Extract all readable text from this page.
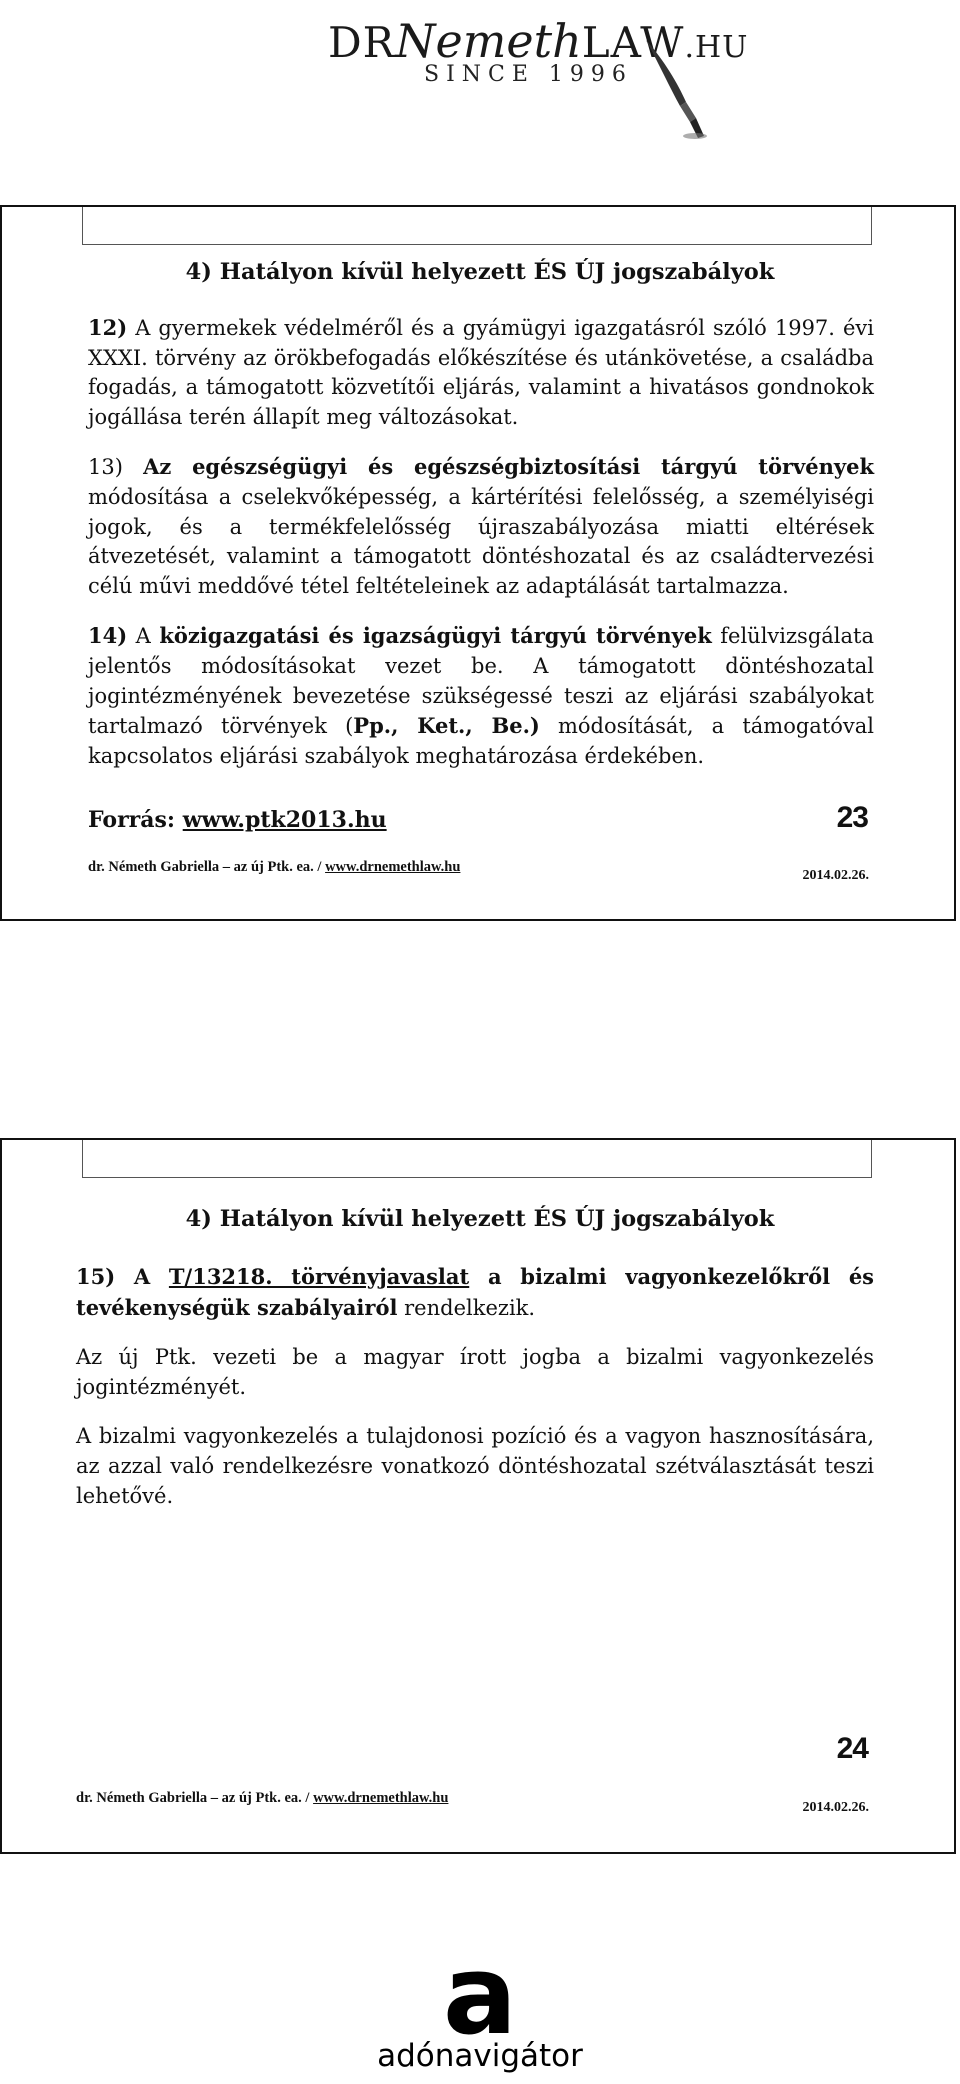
DRNemethLAW.HU
SINCE 1996
4) Hatályon kívül helyezett ÉS ÚJ jogszabályok

12) A gyermekek védelméről és a gyámügyi igazgatásról szóló 1997. évi XXXI. törvény az örökbefogadás előkészítése és utánkövetése, a családba fogadás, a támogatott közvetítői eljárás, valamint a hivatásos gondnokok jogállása terén állapít meg változásokat.

13) Az egészségügyi és egészségbiztosítási tárgyú törvények módosítása a cselekvőképesség, a kártérítési felelősség, a személyiségi jogok, és a termékfelelősség újraszabályozása miatti eltérések átvezetését, valamint a támogatott döntéshozatal és az családtervezési célú művi meddővé tétel feltételeinek az adaptálását tartalmazza.

14) A közigazgatási és igazságügyi tárgyú törvények felülvizsgálata jelentős módosításokat vezet be. A támogatott döntéshozatal jogintézményének bevezetése szükségessé teszi az eljárási szabályokat tartalmazó törvények (Pp., Ket., Be.) módosítását, a támogatóval kapcsolatos eljárási szabályok meghatározása érdekében.

Forrás: www.ptk2013.hu	23
dr. Németh Gabriella – az új Ptk. ea. / www.drnemethlaw.hu
2014.02.26.
4) Hatályon kívül helyezett ÉS ÚJ jogszabályok

15) A T/13218. törvényjavaslat a bizalmi vagyonkezelőkről és tevékenységük szabályairól rendelkezik.

Az új Ptk. vezeti be a magyar írott jogba a bizalmi vagyonkezelés jogintézményét.

A bizalmi vagyonkezelés a tulajdonosi pozíció és a vagyon hasznosítására, az azzal való rendelkezésre vonatkozó döntéshozatal szétválasztását teszi lehetővé.

24
dr. Németh Gabriella – az új Ptk. ea. / www.drnemethlaw.hu
2014.02.26.
a
adónavigátor
